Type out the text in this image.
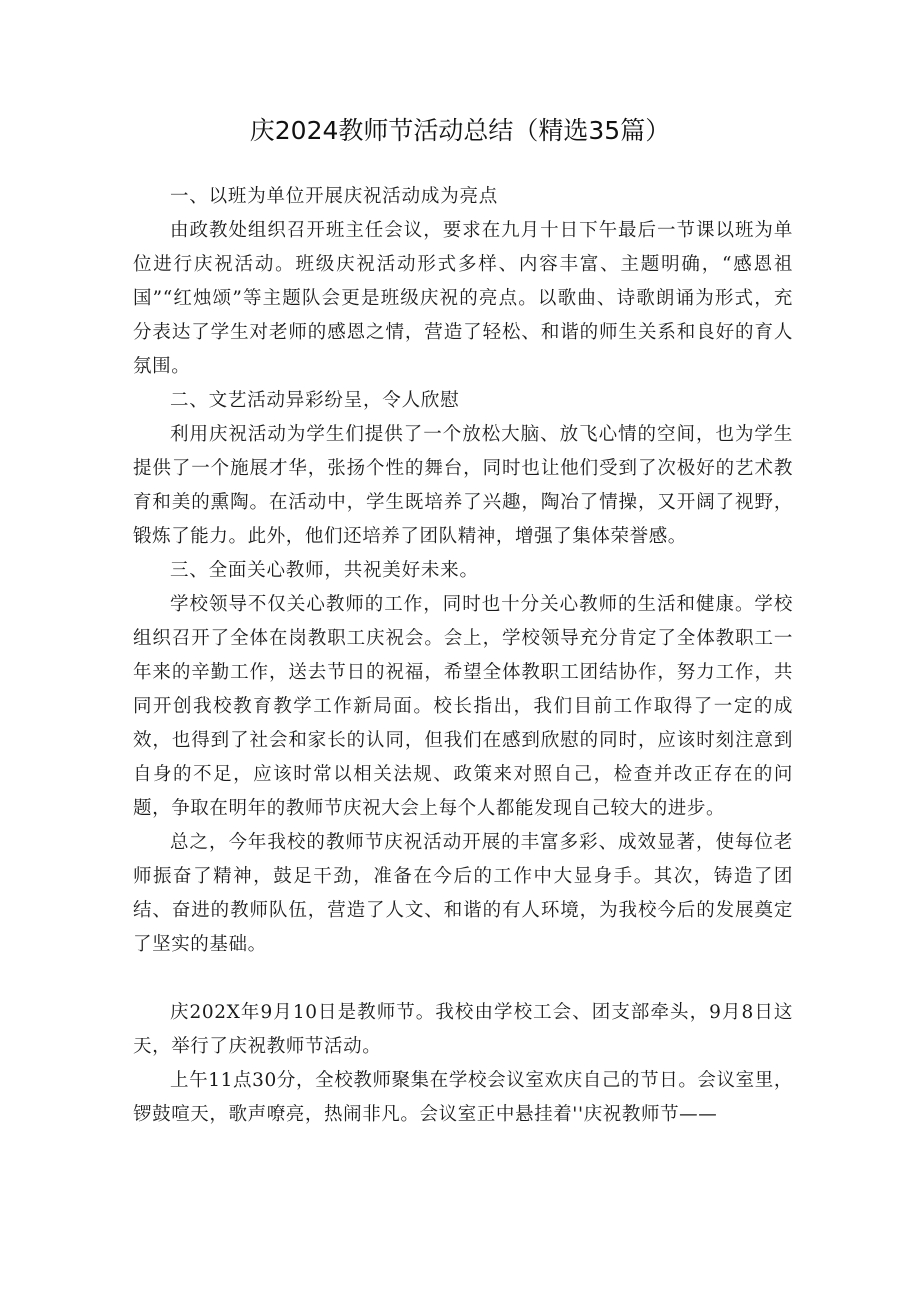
庆2024教师节活动总结（精选35篇）

一、以班为单位开展庆祝活动成为亮点

由政教处组织召开班主任会议，要求在九月十日下午最后一节课以班为单位进行庆祝活动。班级庆祝活动形式多样、内容丰富、主题明确，“感恩祖国”“红烛颂”等主题队会更是班级庆祝的亮点。以歌曲、诗歌朗诵为形式，充分表达了学生对老师的感恩之情，营造了轻松、和谐的师生关系和良好的育人氛围。

二、文艺活动异彩纷呈，令人欣慰

利用庆祝活动为学生们提供了一个放松大脑、放飞心情的空间，也为学生提供了一个施展才华，张扬个性的舞台，同时也让他们受到了次极好的艺术教育和美的熏陶。在活动中，学生既培养了兴趣，陶冶了情操，又开阔了视野，锻炼了能力。此外，他们还培养了团队精神，增强了集体荣誉感。

三、全面关心教师，共祝美好未来。

学校领导不仅关心教师的工作，同时也十分关心教师的生活和健康。学校组织召开了全体在岗教职工庆祝会。会上，学校领导充分肯定了全体教职工一年来的辛勤工作，送去节日的祝福，希望全体教职工团结协作，努力工作，共同开创我校教育教学工作新局面。校长指出，我们目前工作取得了一定的成效，也得到了社会和家长的认同，但我们在感到欣慰的同时，应该时刻注意到自身的不足，应该时常以相关法规、政策来对照自己，检查并改正存在的问题，争取在明年的教师节庆祝大会上每个人都能发现自己较大的进步。

总之，今年我校的教师节庆祝活动开展的丰富多彩、成效显著，使每位老师振奋了精神，鼓足干劲，准备在今后的工作中大显身手。其次，铸造了团结、奋进的教师队伍，营造了人文、和谐的有人环境，为我校今后的发展奠定了坚实的基础。

庆202X年9月10日是教师节。我校由学校工会、团支部牵头，9月8日这天，举行了庆祝教师节活动。

上午11点30分，全校教师聚集在学校会议室欢庆自己的节日。会议室里，锣鼓喧天，歌声嘹亮，热闹非凡。会议室正中悬挂着''庆祝教师节——
